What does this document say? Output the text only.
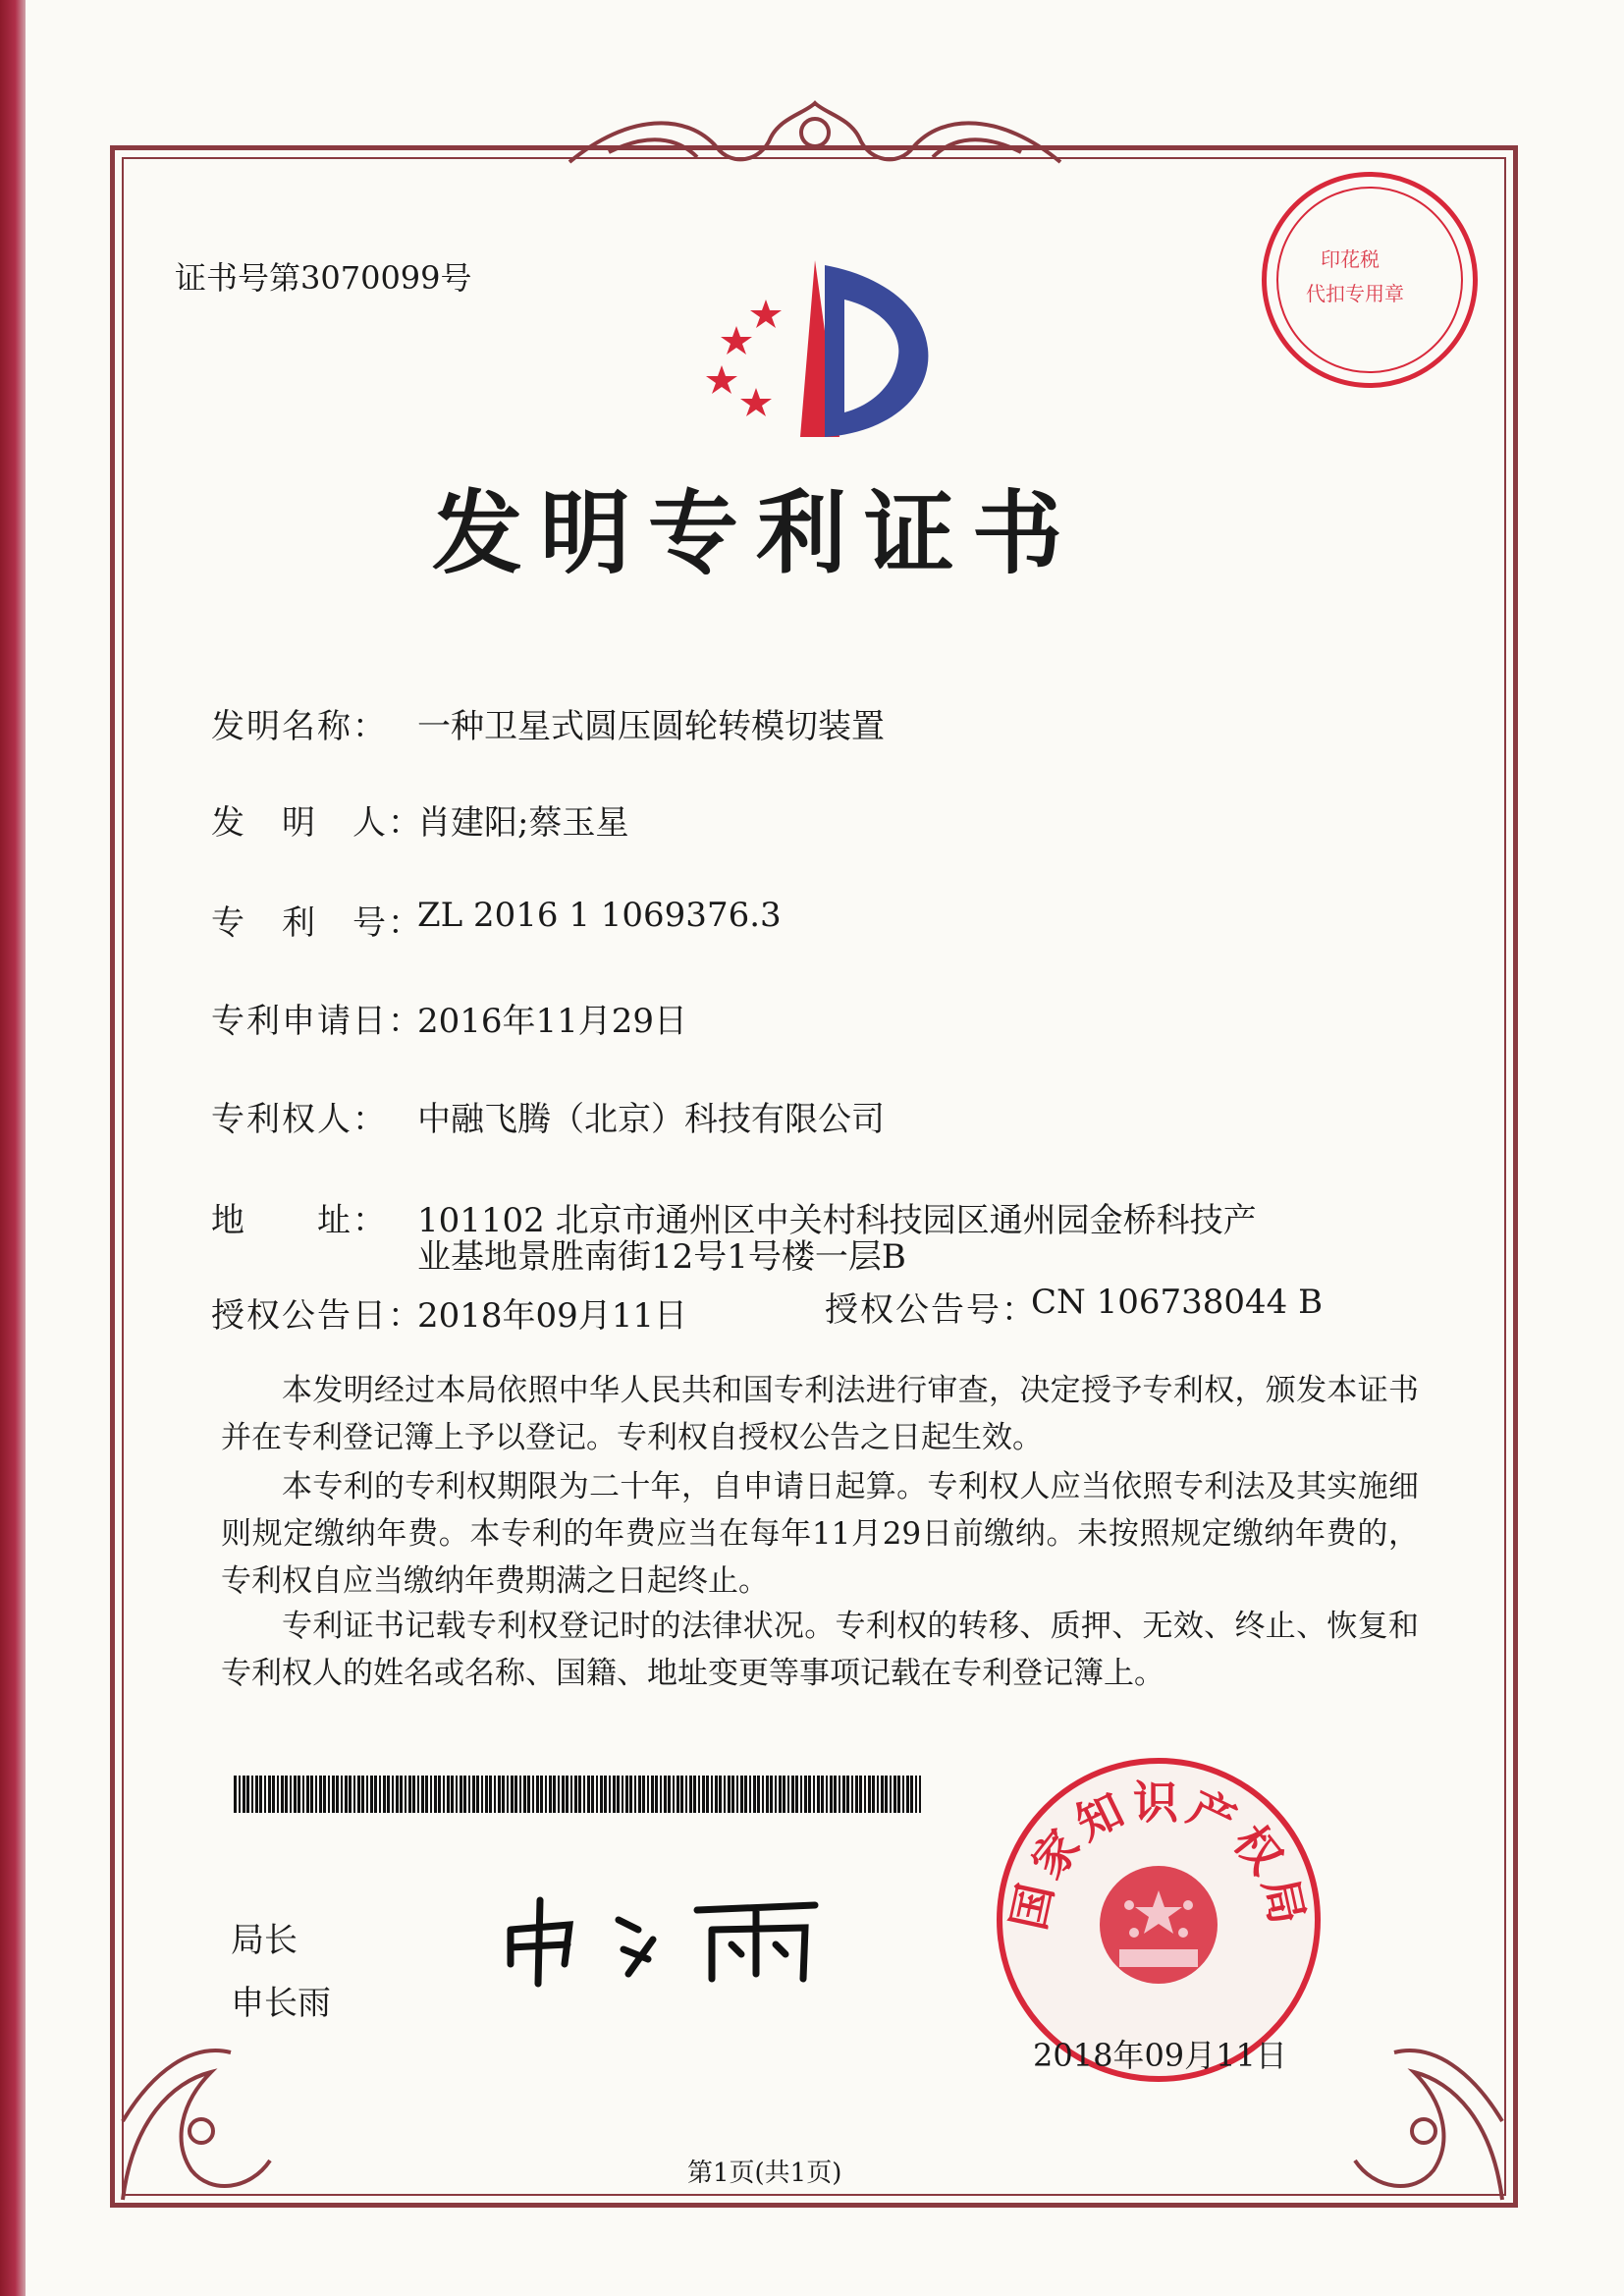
证书号第3070099号	印花税
代扣专用章
发明专利证书
发明名称： 一种卫星式圆压圆轮转模切装置
发　明　人：
肖建阳;蔡玉星
专　利　号：
ZL 2016 1 1069376.3
专利申请日：
2016年11月29日
专利权人： 中融飞腾（北京）科技有限公司
地　　址： 101102 北京市通州区中关村科技园区通州园金桥科技产
业基地景胜南街12号1号楼一层B
授权公告日：
2018年09月11日	授权公告号：
CN 106738044 B
本发明经过本局依照中华人民共和国专利法进行审查，决定授予专利权，颁发本证书并在专利登记簿上予以登记。专利权自授权公告之日起生效。
本专利的专利权期限为二十年，自申请日起算。专利权人应当依照专利法及其实施细则规定缴纳年费。本专利的年费应当在每年11月29日前缴纳。未按照规定缴纳年费的，专利权自应当缴纳年费期满之日起终止。
专利证书记载专利权登记时的法律状况。专利权的转移、质押、无效、终止、恢复和专利权人的姓名或名称、国籍、地址变更等事项记载在专利登记簿上。
局长
申长雨
国家知识产权局
2018年09月11日
第1页(共1页)
